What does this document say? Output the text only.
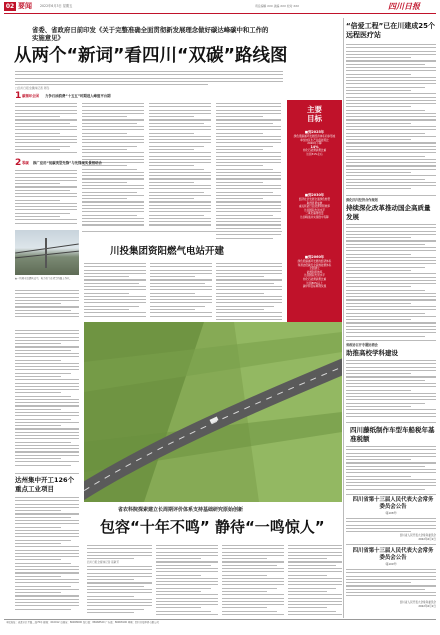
02 要闻	2022年6月3日 星期五	责任编辑 XXX 美编 XXX 校对 XXX	四川日报
省委、省政府日前印发《关于完整准确全面贯彻新发展理念做好碳达峰碳中和工作的实施意见》
从两个“新词”看四川“双碳”路线图
□四川日报全媒体记者 周冬
1 碳循环全国 力争石油消费“十五五”时期进入峰值平台期
2 零碳 推广应用“低碳类型先锋”与先锋现实景相结合
▲一线城市巡逻执法中，电力员工在架空线路上作业。
主要
目标
■到2025年
绿色低碳循环发展经济体系初步形成
单位地区生产总值能耗比
2020年下降
14%
非化石能源消费比重
达到31%左右
■到2030年
经济社会发展全面绿色转型
取得显著成效
重点耗能行业能源利用效率
达到国际先进水平
二氧化碳排放量
达到峰值并实现稳中有降
■到2060年
绿色低碳循环发展的经济体系
和清洁低碳安全高效能源体系
全面建立
能源利用效率
达到国际先进水平
非化石能源消费比重
达到80%以上
碳中和目标顺利实现
川投集团资阳燃气电站开建
达州集中开工126个重点工业项目
省农科院探索建立长周期评价体系支持基础研究原始创新
包容“十年不鸣” 静待“一鸣惊人”
四川日报全媒体记者 寇敏芳
“倍爱工程”已在川建成25个远程医疗站
深化四川经济合作规划
持续深化改革推动国企高质量发展
省政协召开专题协商会
助推高校学科建设
四川藤纸制作车型车船税年基准税额
四川省第十三届人民代表大会常务委员会公告
（第108号）
四川省人民代表大会常务委员会
2022年6月2日
四川省第十三届人民代表大会常务委员会公告
（第109号）
四川省人民代表大会常务委员会
2022年6月2日
本报地址：成都市红星路二段70号 邮编：610012 总编室：86968000 发行部：86968520 广告部：86968100 印刷：四川日报印务有限公司
